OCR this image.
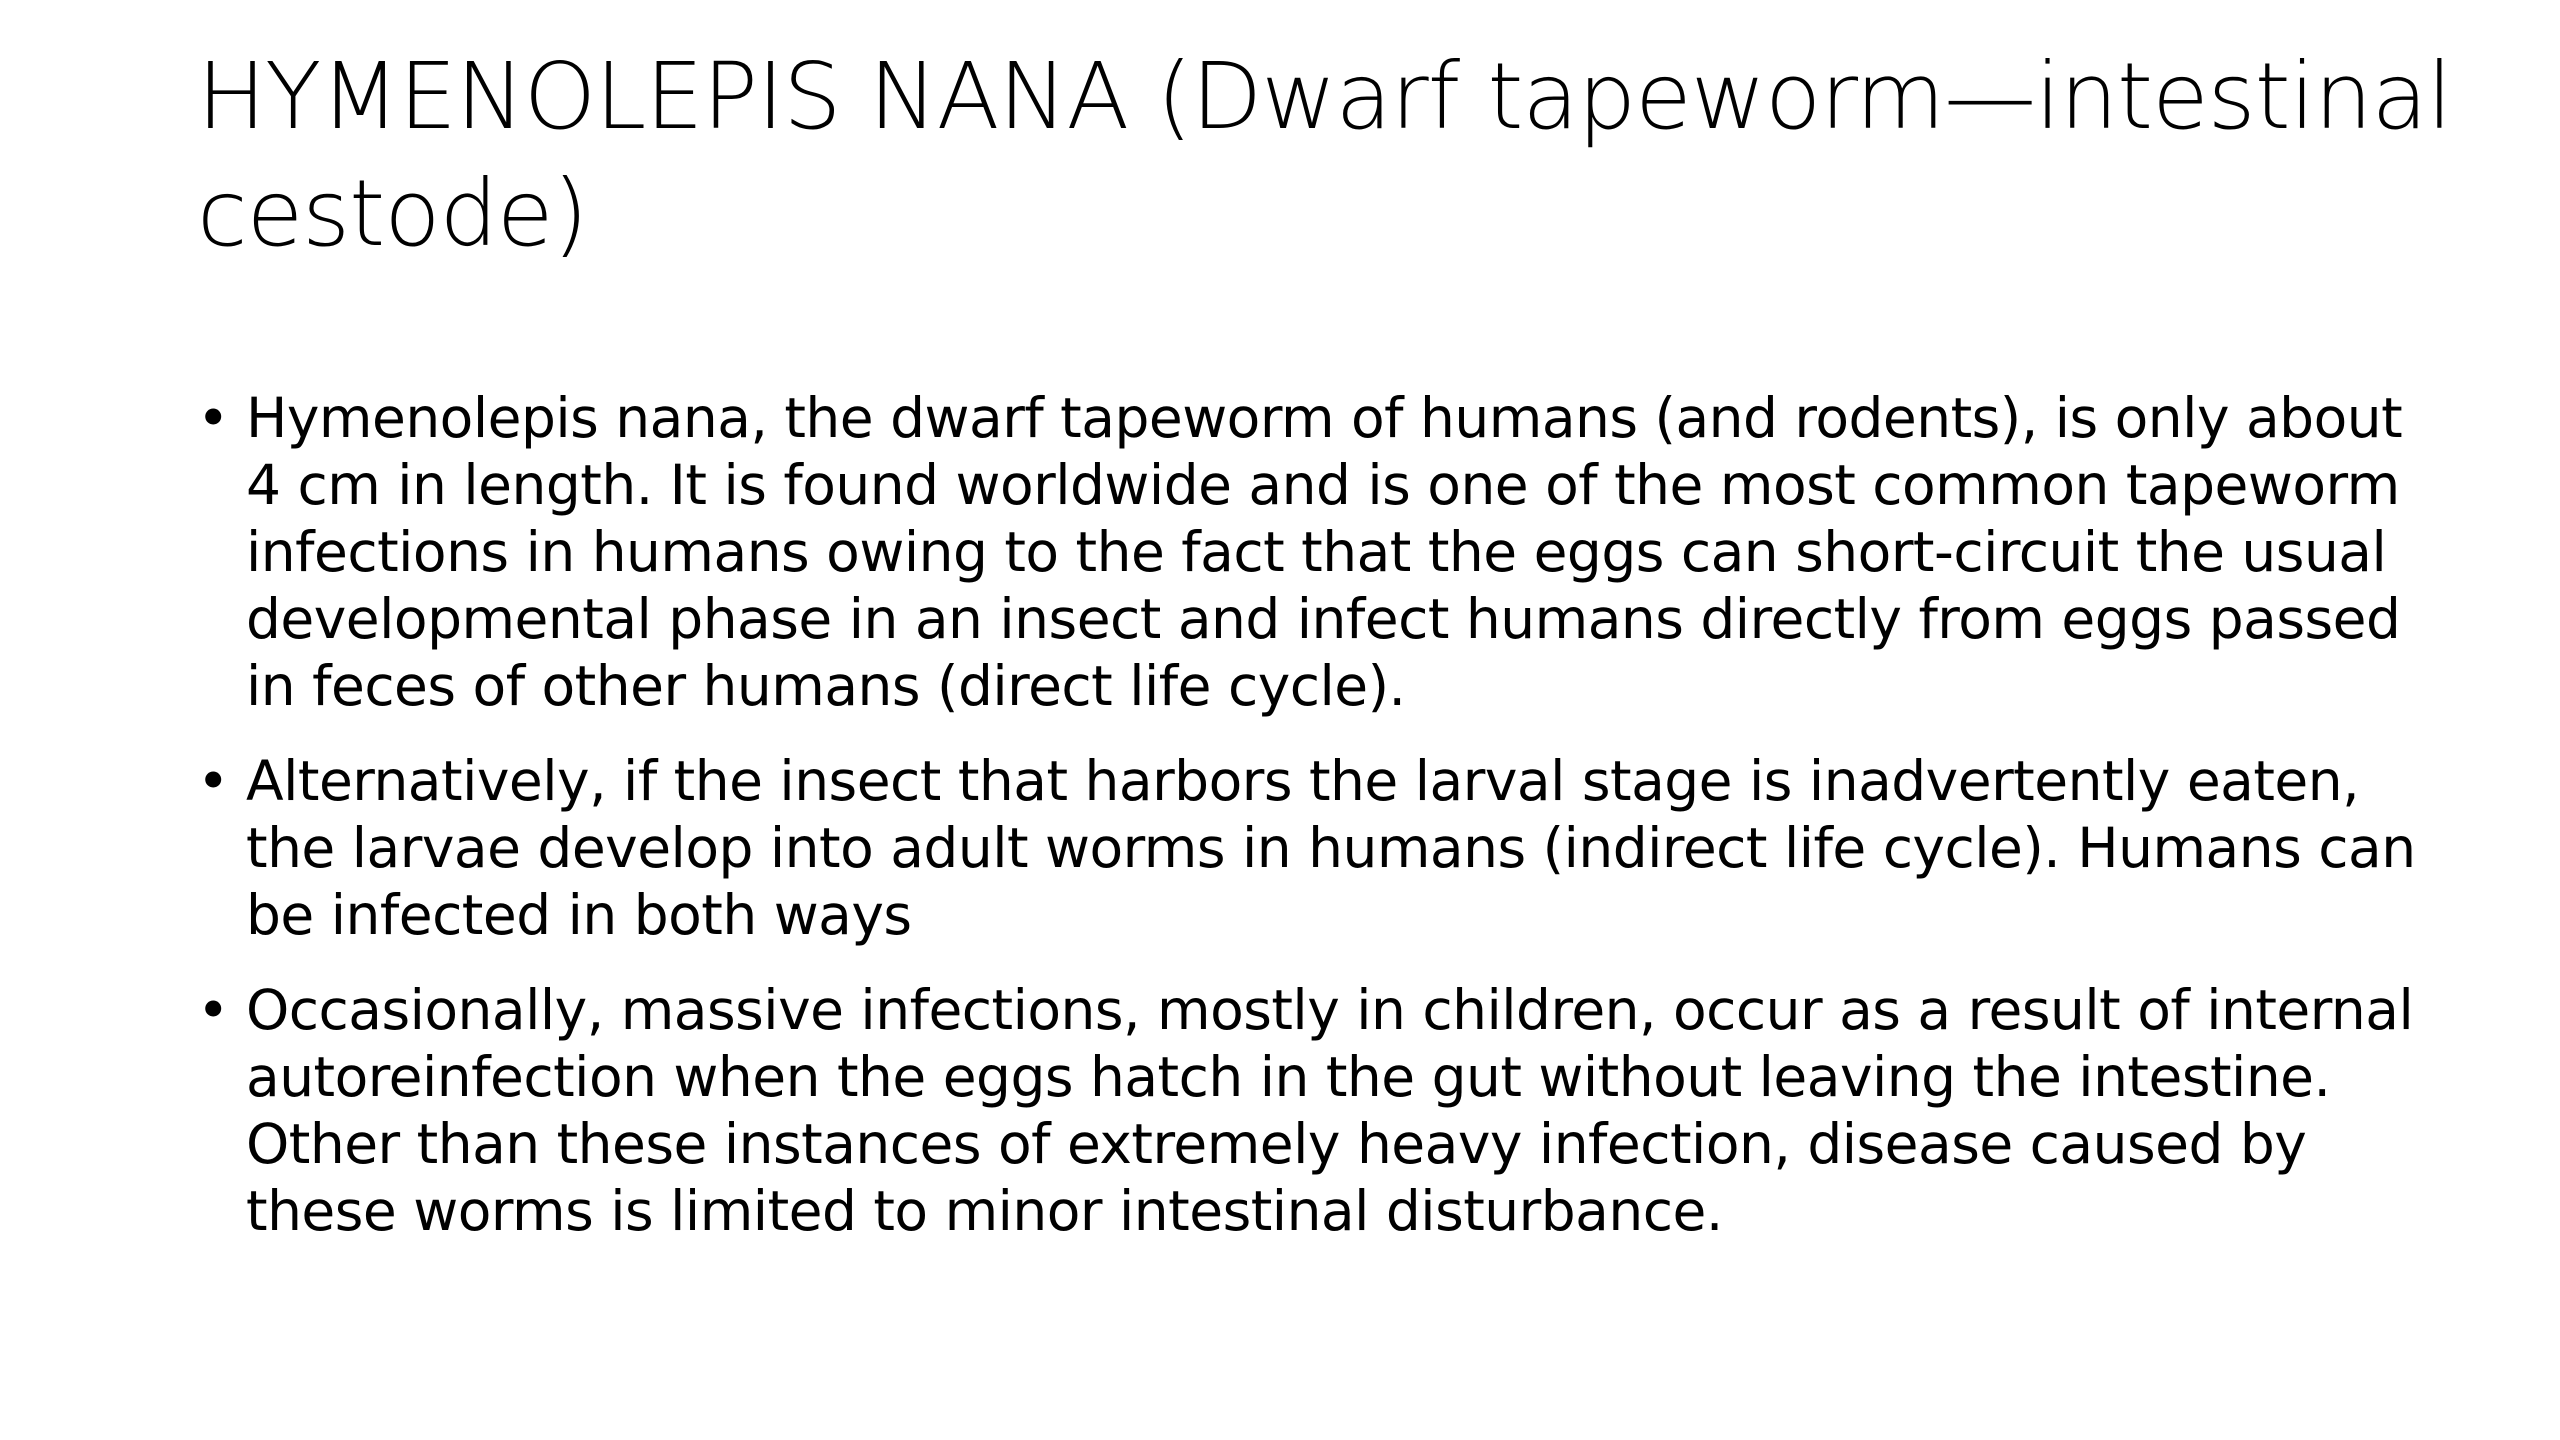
HYMENOLEPIS NANA (Dwarf tapeworm—intestinal cestode)
• Hymenolepis nana, the dwarf tapeworm of humans (and rodents), is only about 4 cm in length. It is found worldwide and is one of the most common tapeworm infections in humans owing to the fact that the eggs can short-circuit the usual developmental phase in an insect and infect humans directly from eggs passed in feces of other humans (direct life cycle).
• Alternatively, if the insect that harbors the larval stage is inadvertently eaten, the larvae develop into adult worms in humans (indirect life cycle). Humans can be infected in both ways
• Occasionally, massive infections, mostly in children, occur as a result of internal autoreinfection when the eggs hatch in the gut without leaving the intestine. Other than these instances of extremely heavy infection, disease caused by these worms is limited to minor intestinal disturbance.
